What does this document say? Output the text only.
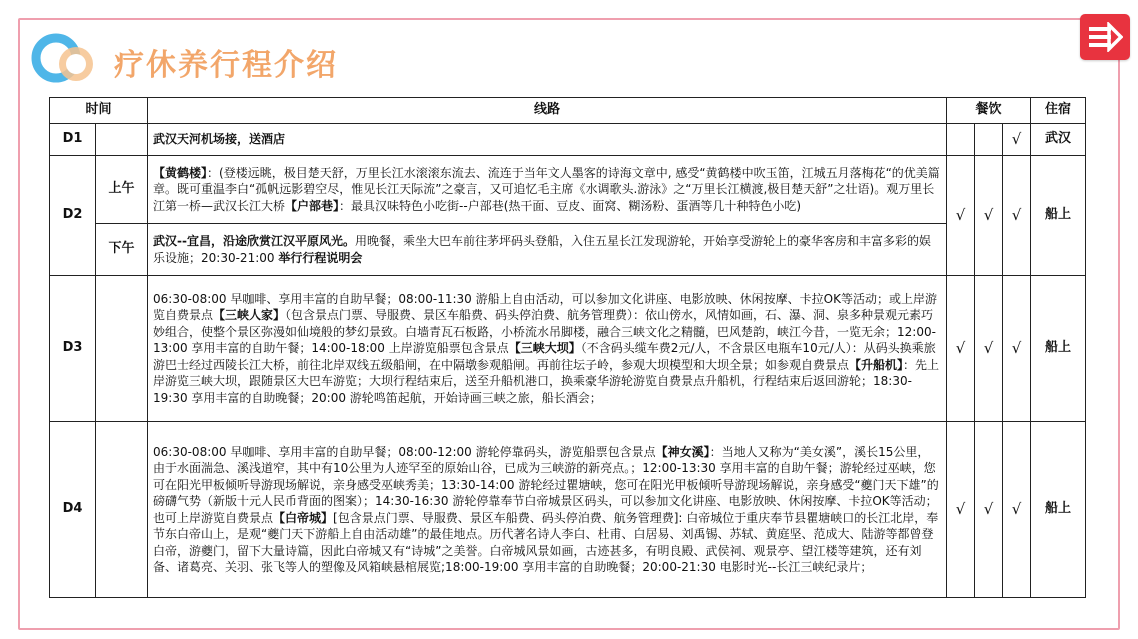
疗休养行程介绍
时间		线路	餐饮			住宿
D1		武汉天河机场接，送酒店			√	武汉
D2	上午	【黄鹤楼】：(登楼远眺，极目楚天舒，万里长江水滚滚东流去、流连于当年文人墨客的诗海文章中, 感受“黄鹤楼中吹玉笛，江城五月落梅花“的优美篇章。既可重温李白“孤帆远影碧空尽，惟见长江天际流”之豪言，又可追忆毛主席《水调歌头.游泳》之“万里长江横渡,极目楚天舒”之壮语)。观万里长江第一桥—武汉长江大桥【户部巷】：最具汉味特色小吃街--户部巷(热干面、豆皮、面窝、糊汤粉、蛋酒等几十种特色小吃)	√	√	√	船上
	下午	武汉--宜昌，沿途欣赏江汉平原风光。用晚餐，乘坐大巴车前往茅坪码头登船，入住五星长江发现游轮，开始享受游轮上的豪华客房和丰富多彩的娱乐设施；20:30-21:00 举行行程说明会				
D3		06:30-08:00 早咖啡、享用丰富的自助早餐；08:00-11:30 游船上自由活动，可以参加文化讲座、电影放映、休闲按摩、卡拉OK等活动；或上岸游览自费景点【三峡人家】（包含景点门票、导服费、景区车船费、码头停泊费、航务管理费）：依山傍水，风情如画，石、瀑、洞、泉多种景观元素巧妙组合，使整个景区弥漫如仙境般的梦幻景致。白墙青瓦石板路，小桥流水吊脚楼，融合三峡文化之精髓，巴风楚韵，峡江今昔，一览无余；12:00-13:00 享用丰富的自助午餐；14:00-18:00 上岸游览船票包含景点【三峡大坝】（不含码头缆车费2元/人，不含景区电瓶车10元/人）：从码头换乘旅游巴士经过西陵长江大桥，前往北岸双线五级船闸，在中隔墩参观船闸。再前往坛子岭，参观大坝模型和大坝全景；如参观自费景点【升船机】：先上岸游览三峡大坝，跟随景区大巴车游览；大坝行程结束后，送至升船机港口，换乘豪华游轮游览自费景点升船机，行程结束后返回游轮；18:30-19:30 享用丰富的自助晚餐；20:00 游轮鸣笛起航，开始诗画三峡之旅，船长酒会；	√	√	√	船上
D4		06:30-08:00 早咖啡、享用丰富的自助早餐；08:00-12:00 游轮停靠码头，游览船票包含景点【神女溪】：当地人又称为“美女溪”，溪长15公里，由于水面湍急、溪浅道窄，其中有10公里为人迹罕至的原始山谷，已成为三峡游的新亮点。；12:00-13:30 享用丰富的自助午餐；游轮经过巫峡，您可在阳光甲板倾听导游现场解说，亲身感受巫峡秀美；13:30-14:00 游轮经过瞿塘峡，您可在阳光甲板倾听导游现场解说，亲身感受“夔门天下雄”的磅礴气势（新版十元人民币背面的图案）；14:30-16:30 游轮停靠奉节白帝城景区码头，可以参加文化讲座、电影放映、休闲按摩、卡拉OK等活动；也可上岸游览自费景点【白帝城】[包含景点门票、导服费、景区车船费、码头停泊费、航务管理费]: 白帝城位于重庆奉节县瞿塘峡口的长江北岸，奉节东白帝山上，是观“夔门天下游船上自由活动雄”的最佳地点。历代著名诗人李白、杜甫、白居易、刘禹锡、苏轼、黄庭坚、范成大、陆游等都曾登白帝，游夔门，留下大量诗篇，因此白帝城又有“诗城”之美誉。白帝城风景如画，古迹甚多，有明良殿、武侯祠、观景亭、望江楼等建筑，还有刘备、诸葛亮、关羽、张飞等人的塑像及风箱峡悬棺展览;18:00-19:00 享用丰富的自助晚餐；20:00-21:30 电影时光--长江三峡纪录片；	√	√	√	船上
